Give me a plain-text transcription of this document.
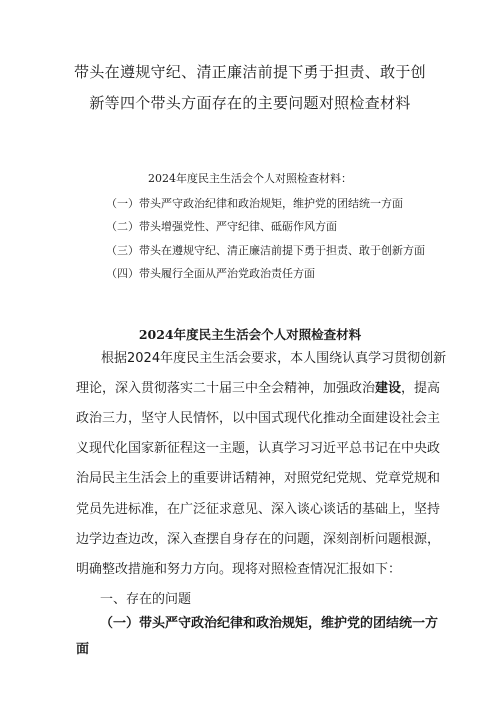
带头在遵规守纪、清正廉洁前提下勇于担责、敢于创
新等四个带头方面存在的主要问题对照检查材料
2024年度民主生活会个人对照检查材料：
（一）带头严守政治纪律和政治规矩，维护党的团结统一方面
（二）带头增强党性、严守纪律、砥砺作风方面
（三）带头在遵规守纪、清正廉洁前提下勇于担责、敢于创新方面
（四）带头履行全面从严治党政治责任方面
2024年度民主生活会个人对照检查材料
根据2024年度民主生活会要求，本人围绕认真学习贯彻创新
理论，深入贯彻落实二十届三中全会精神，加强政治建设，提高
政治三力，坚守人民情怀，以中国式现代化推动全面建设社会主
义现代化国家新征程这一主题，认真学习习近平总书记在中央政
治局民主生活会上的重要讲话精神，对照党纪党规、党章党规和
党员先进标准，在广泛征求意见、深入谈心谈话的基础上，坚持
边学边查边改，深入查摆自身存在的问题，深刻剖析问题根源，
明确整改措施和努力方向。现将对照检查情况汇报如下：
一、存在的问题
（一）带头严守政治纪律和政治规矩，维护党的团结统一方
面
